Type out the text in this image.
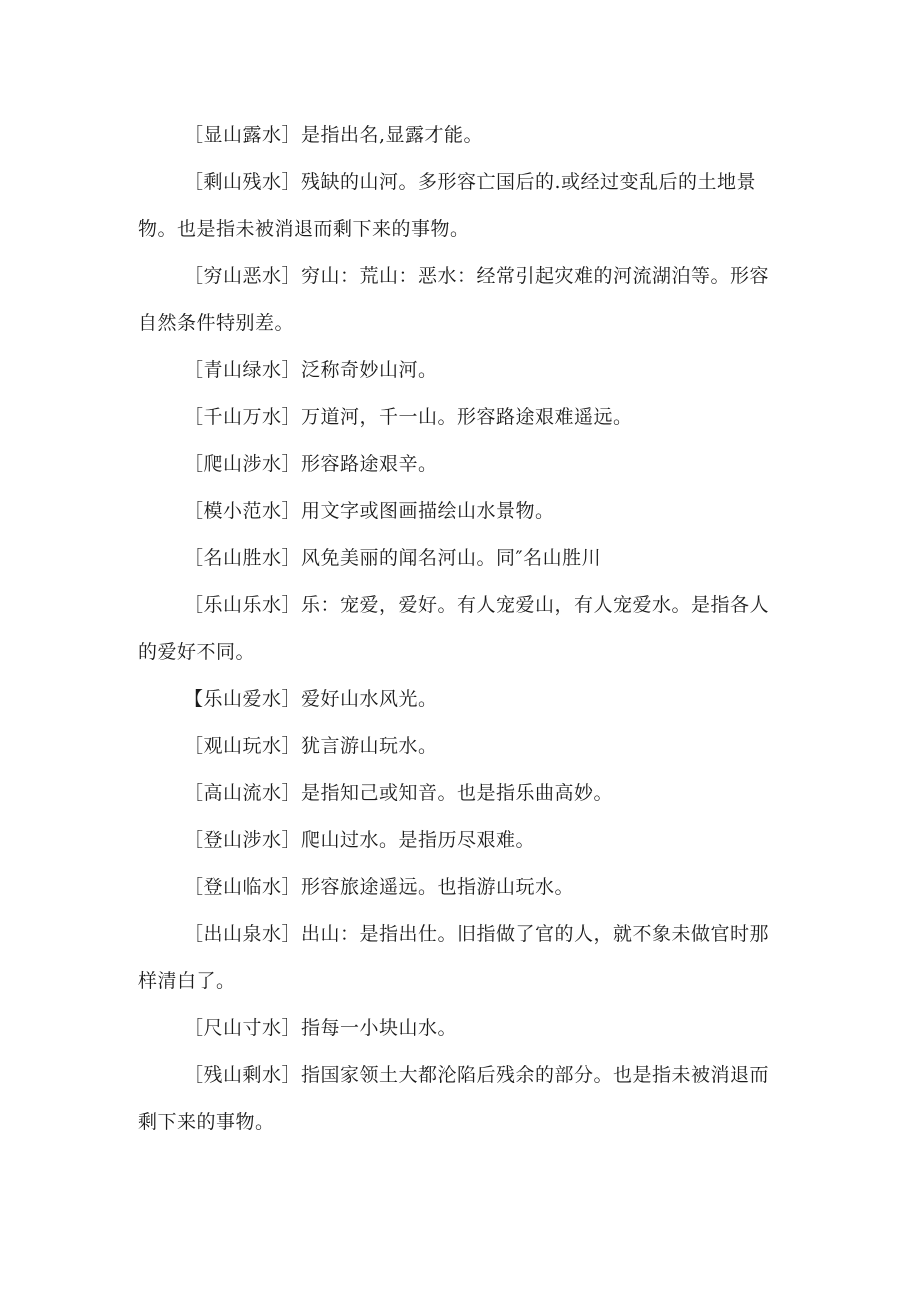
［显山露水］是指出名,显露才能。

［剩山残水］残缺的山河。多形容亡国后的.或经过变乱后的土地景物。也是指未被消退而剩下来的事物。

［穷山恶水］穷山：荒山：恶水：经常引起灾难的河流湖泊等。形容自然条件特别差。

［青山绿水］泛称奇妙山河。

［千山万水］万道河，千一山。形容路途艰难遥远。

［爬山涉水］形容路途艰辛。

［模小范水］用文字或图画描绘山水景物。

［名山胜水］风免美丽的闻名河山。同″名山胜川

［乐山乐水］乐：宠爱，爱好。有人宠爱山，有人宠爱水。是指各人的爱好不同。

【乐山爱水］爱好山水风光。

［观山玩水］犹言游山玩水。

［高山流水］是指知己或知音。也是指乐曲高妙。

［登山涉水］爬山过水。是指历尽艰难。

［登山临水］形容旅途遥远。也指游山玩水。

［出山泉水］出山：是指出仕。旧指做了官的人，就不象未做官时那样清白了。

［尺山寸水］指每一小块山水。

［残山剩水］指国家领土大都沦陷后残余的部分。也是指未被消退而剩下来的事物。
